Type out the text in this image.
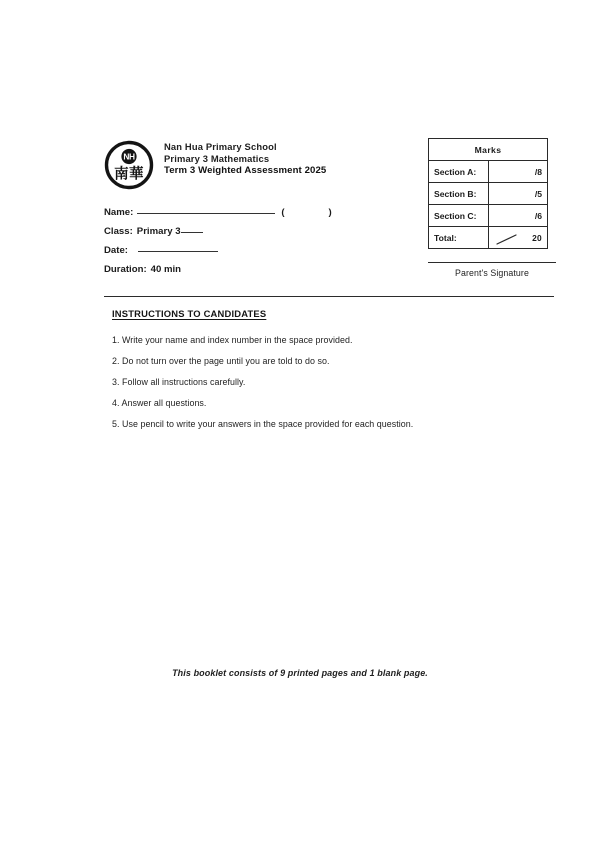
NH
南華
Nan Hua Primary School
Primary 3 Mathematics
Term 3 Weighted Assessment 2025
Name:	(	)
Class: Primary 3
Date:
Duration: 40 min
Marks	
Section A:	/8
Section B:	/5
Section C:	/6
Total:	20
Parent's Signature
INSTRUCTIONS TO CANDIDATES
1. Write your name and index number in the space provided.
2. Do not turn over the page until you are told to do so.
3. Follow all instructions carefully.
4. Answer all questions.
5. Use pencil to write your answers in the space provided for each question.
This booklet consists of 9 printed pages and 1 blank page.
